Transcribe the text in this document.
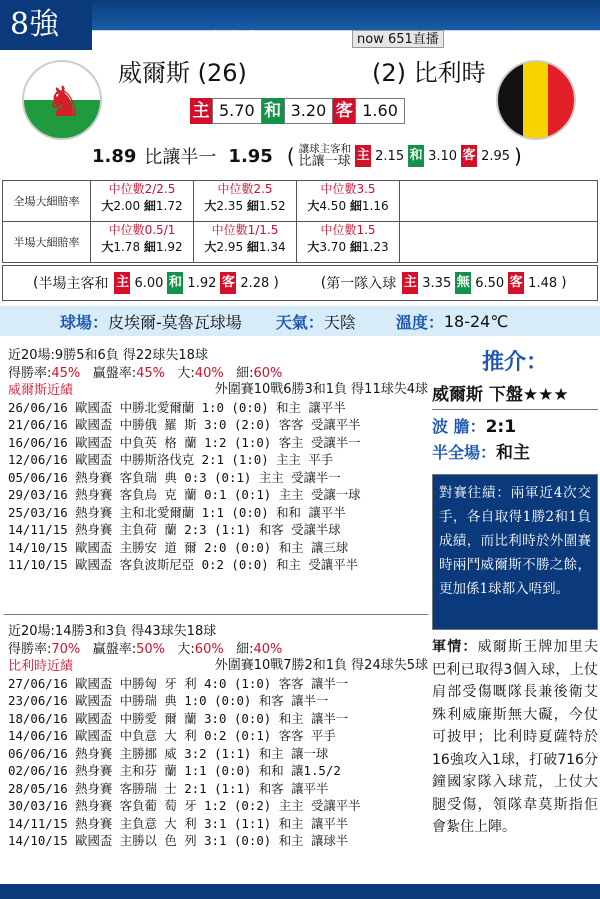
8強	馬會編號：(五) 1	now 651直播 周六3:00am
♞
威爾斯 (26)	(2) 比利時
主 5.70 和 3.20 客 1.60
1.89 比讓半一 1.95 ( 讓球主客和
比讓一球 主 2.15 和 3.10 客 2.95 )
全場大細賠率
中位數2/2.5
大2.00 細1.72
中位數2.5
大2.35 細1.52
中位數3.5
大4.50 細1.16
半場大細賠率
中位數0.5/1
大1.78 細1.92
中位數1/1.5
大2.95 細1.34
中位數1.5
大3.70 細1.23
( 半場主客和 主 6.00 和 1.92 客 2.28 )	( 第一隊入球 主 3.35 無 6.50 客 1.48 )
球場： 皮埃爾-莫魯瓦球場 天氣： 天陰	溫度： 18-24℃
近20場:9勝5和6負 得22球失18球
得勝率:45% 贏盤率:45% 大:40% 細:60%
威爾斯近績	外圍賽10戰6勝3和1負 得11球失4球
26/06/16 歐國盃 中勝北愛爾蘭 1:0 (0:0) 和主 讓平半
21/06/16 歐國盃 中勝俄 羅 斯 3:0 (2:0) 客客 受讓平半
16/06/16 歐國盃 中負英 格 蘭 1:2 (1:0) 客主 受讓半一
12/06/16 歐國盃 中勝斯洛伐克 2:1 (1:0) 主主 平手
05/06/16 熱身賽 客負瑞 典 0:3 (0:1) 主主 受讓半一
29/03/16 熱身賽 客負烏 克 蘭 0:1 (0:1) 主主 受讓一球
25/03/16 熱身賽 主和北愛爾蘭 1:1 (0:0) 和和 讓平半
14/11/15 熱身賽 主負荷 蘭 2:3 (1:1) 和客 受讓半球
14/10/15 歐國盃 主勝安 道 爾 2:0 (0:0) 和主 讓三球
11/10/15 歐國盃 客負波斯尼亞 0:2 (0:0) 和主 受讓平半
近20場:14勝3和3負 得43球失18球
得勝率:70% 贏盤率:50% 大:60% 細:40%
比利時近績	外圍賽10戰7勝2和1負 得24球失5球
27/06/16 歐國盃 中勝匈 牙 利 4:0 (1:0) 客客 讓半一
23/06/16 歐國盃 中勝瑞 典 1:0 (0:0) 和客 讓半一
18/06/16 歐國盃 中勝愛 爾 蘭 3:0 (0:0) 和主 讓半一
14/06/16 歐國盃 中負意 大 利 0:2 (0:1) 客客 平手
06/06/16 熱身賽 主勝挪 威 3:2 (1:1) 和主 讓一球
02/06/16 熱身賽 主和芬 蘭 1:1 (0:0) 和和 讓1.5/2
28/05/16 熱身賽 客勝瑞 士 2:1 (1:1) 和客 讓平半
30/03/16 熱身賽 客負葡 萄 牙 1:2 (0:2) 主主 受讓平半
14/11/15 熱身賽 主負意 大 利 3:1 (1:1) 和主 讓平半
14/10/15 歐國盃 主勝以 色 列 3:1 (0:0) 和主 讓球半
推介：
威爾斯 下盤★★★
波 膽：2:1
半全場：和主
對賽往績：兩軍近4次交手，各自取得1勝2和1負成績，而比利時於外圍賽時兩鬥威爾斯不勝之餘，更加係1球都入唔到。
軍情：威爾斯王牌加里夫巴利已取得3個入球，上仗肩部受傷嘅隊長兼後衛艾殊利威廉斯無大礙，今仗可披甲；比利時夏薩特於16強攻入1球，打破716分鐘國家隊入球荒，上仗大腿受傷，領隊韋莫斯指佢會紮住上陣。
